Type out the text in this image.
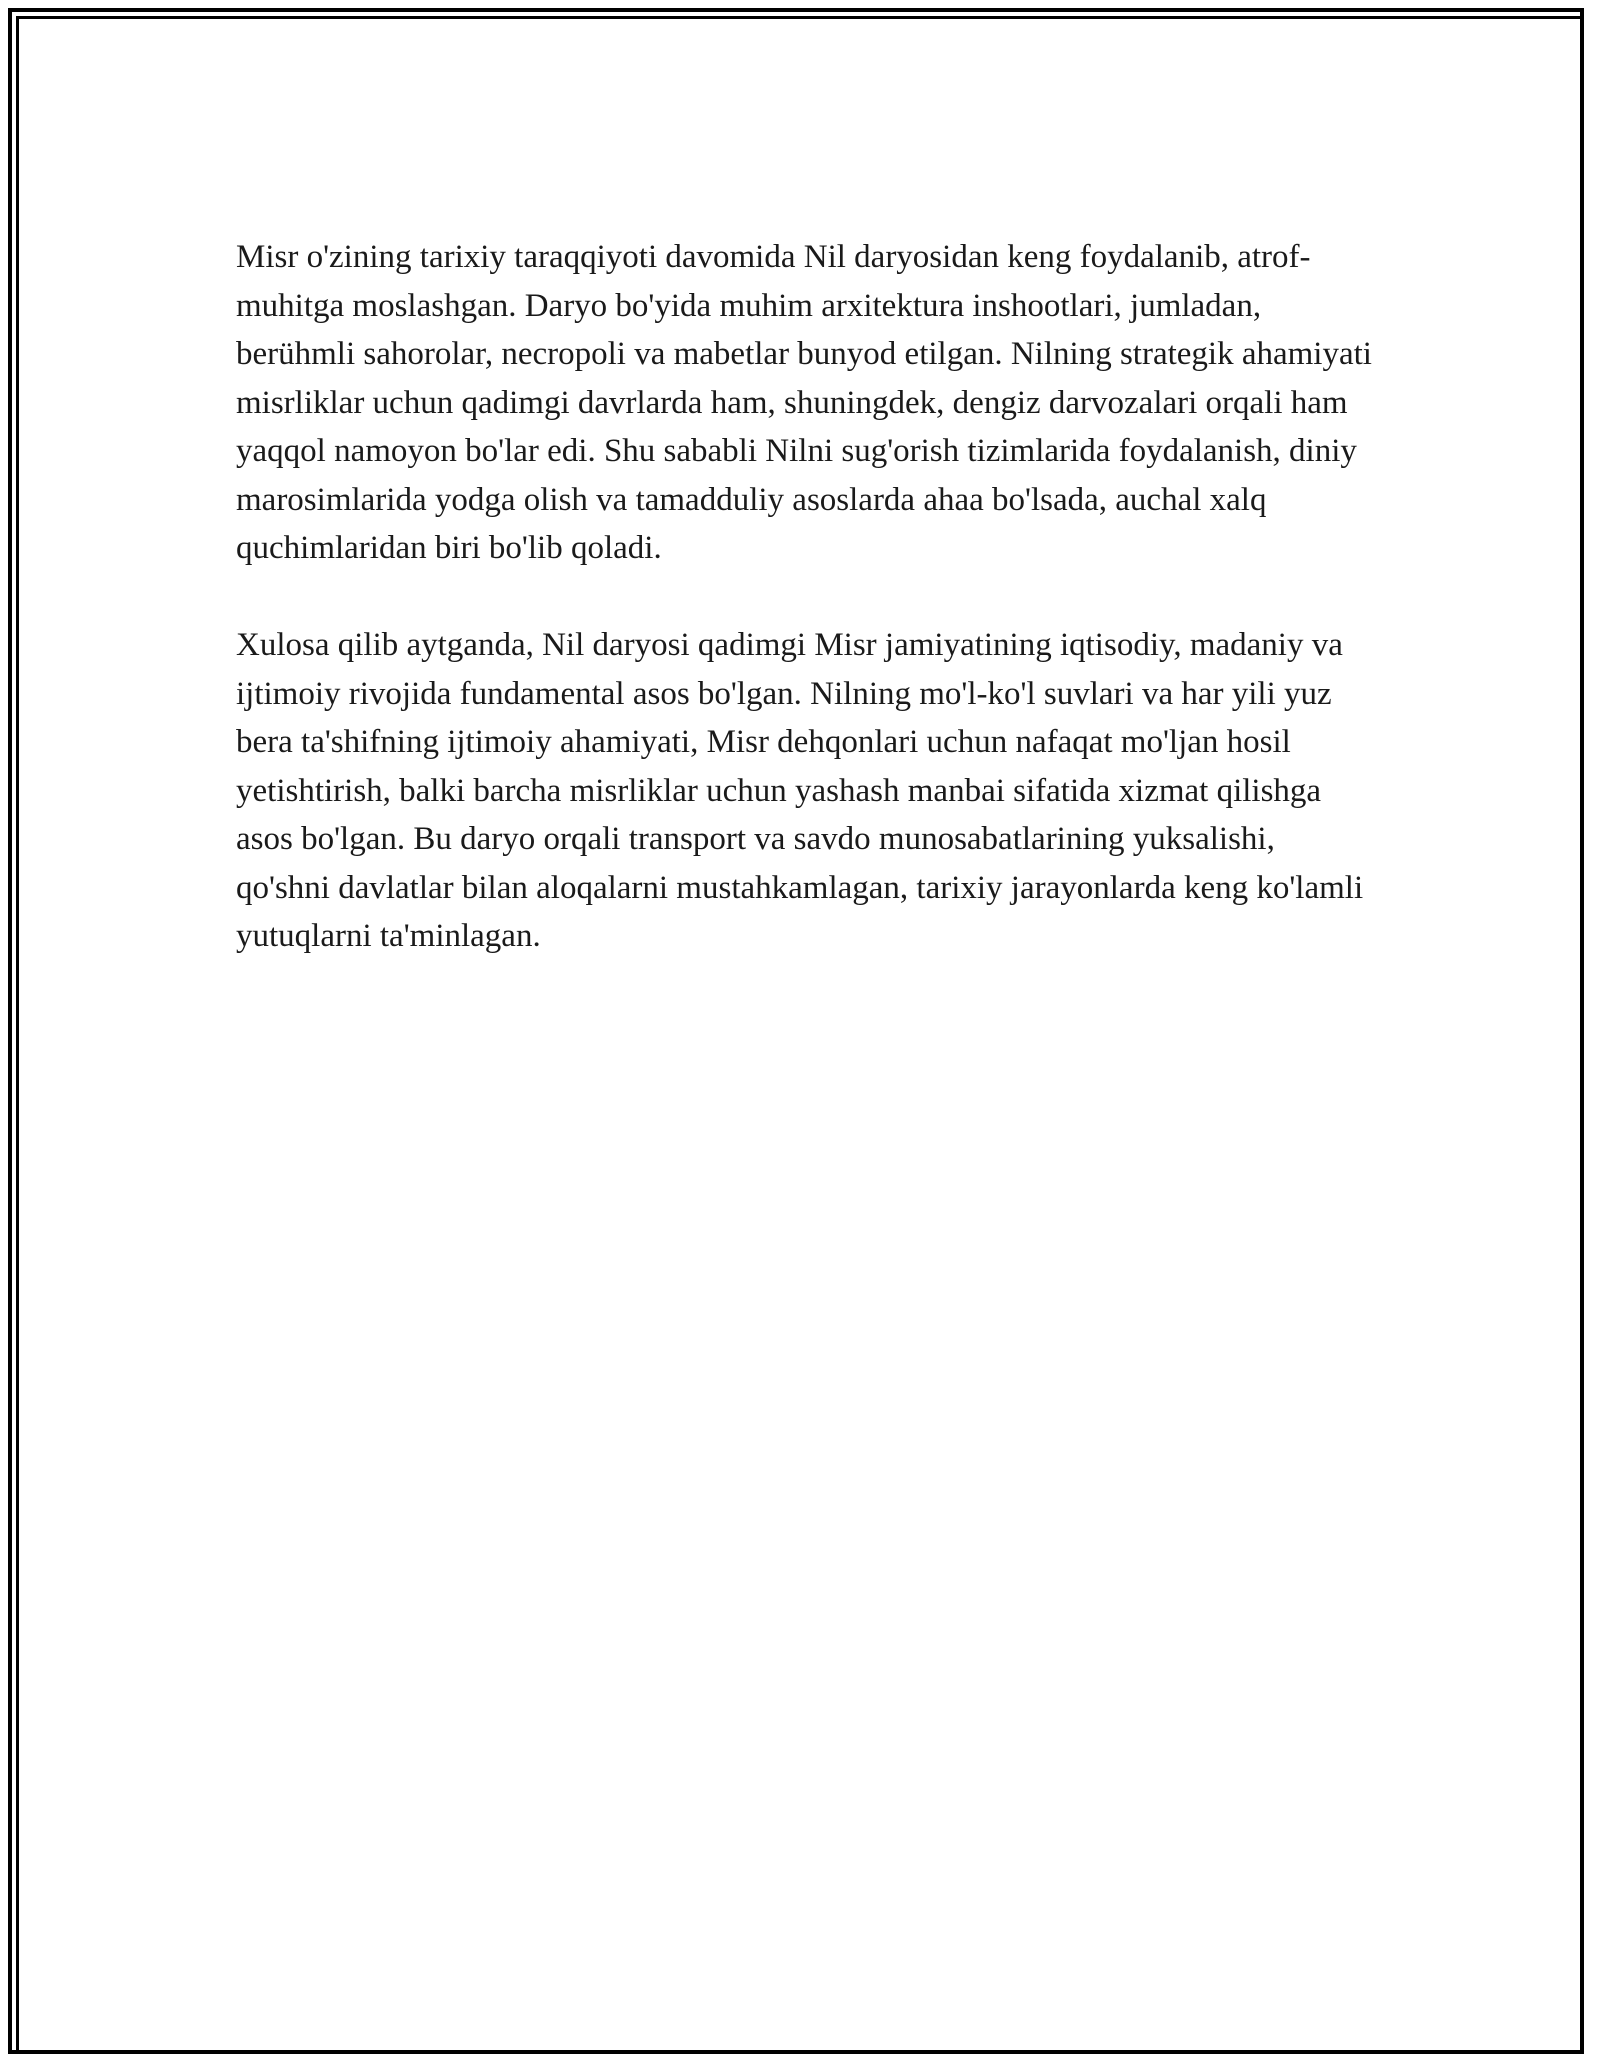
Misr o'zining tarixiy taraqqiyoti davomida Nil daryosidan keng foydalanib, atrof-muhitga moslashgan. Daryo bo'yida muhim arxitektura inshootlari, jumladan, berühmli sahorolar, necropoli va mabetlar bunyod etilgan. Nilning strategik ahamiyati misrliklar uchun qadimgi davrlarda ham, shuningdek, dengiz darvozalari orqali ham yaqqol namoyon bo'lar edi. Shu sababli Nilni sug'orish tizimlarida foydalanish, diniy marosimlarida yodga olish va tamadduliy asoslarda ahaa bo'lsada, auchal xalq quchimlaridan biri bo'lib qoladi.

Xulosa qilib aytganda, Nil daryosi qadimgi Misr jamiyatining iqtisodiy, madaniy va ijtimoiy rivojida fundamental asos bo'lgan. Nilning mo'l-ko'l suvlari va har yili yuz bera ta'shifning ijtimoiy ahamiyati, Misr dehqonlari uchun nafaqat mo'ljan hosil yetishtirish, balki barcha misrliklar uchun yashash manbai sifatida xizmat qilishga asos bo'lgan. Bu daryo orqali transport va savdo munosabatlarining yuksalishi, qo'shni davlatlar bilan aloqalarni mustahkamlagan, tarixiy jarayonlarda keng ko'lamli yutuqlarni ta'minlagan.
